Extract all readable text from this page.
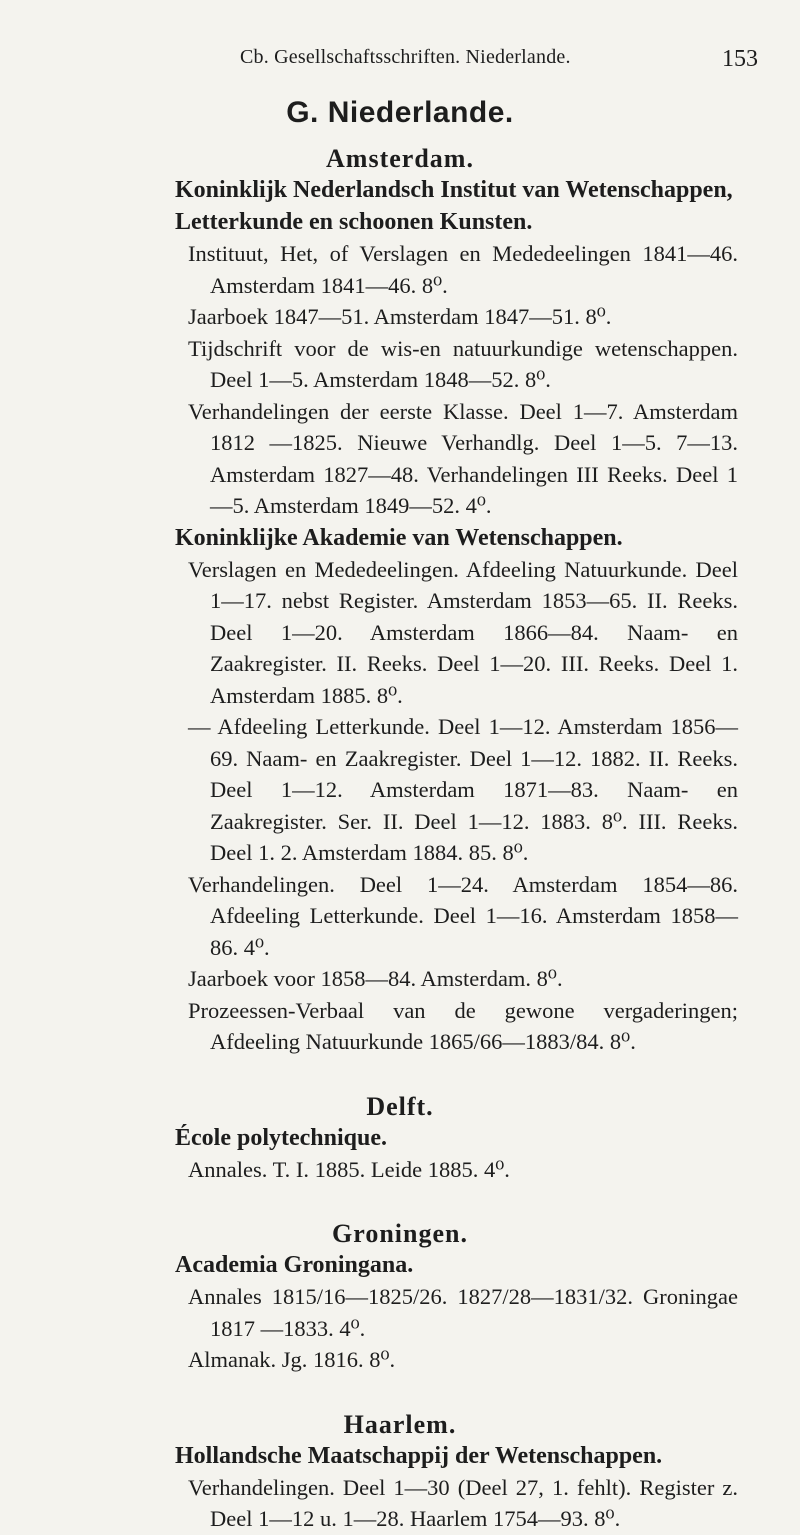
Cb. Gesellschaftsschriften. Niederlande.	153
G. Niederlande.
Amsterdam.

Koninklijk Nederlandsch Institut van Wetenschappen, Letterkunde en schoonen Kunsten.

Instituut, Het, of Verslagen en Mededeelingen 1841—46. Amsterdam 1841—46. 8⁰.

Jaarboek 1847—51. Amsterdam 1847—51. 8⁰.

Tijdschrift voor de wis-en natuurkundige wetenschappen. Deel 1—5. Amsterdam 1848—52. 8⁰.

Verhandelingen der eerste Klasse. Deel 1—7. Amsterdam 1812 —1825. Nieuwe Verhandlg. Deel 1—5. 7—13. Amsterdam 1827—48. Verhandelingen III Reeks. Deel 1—5. Amsterdam 1849—52. 4⁰.

Koninklijke Akademie van Wetenschappen.

Verslagen en Mededeelingen. Afdeeling Natuurkunde. Deel 1—17. nebst Register. Amsterdam 1853—65. II. Reeks. Deel 1—20. Amsterdam 1866—84. Naam- en Zaakregister. II. Reeks. Deel 1—20. III. Reeks. Deel 1. Amsterdam 1885. 8⁰.

— Afdeeling Letterkunde. Deel 1—12. Amsterdam 1856—69. Naam- en Zaakregister. Deel 1—12. 1882. II. Reeks. Deel 1—12. Amsterdam 1871—83. Naam- en Zaakregister. Ser. II. Deel 1—12. 1883. 8⁰. III. Reeks. Deel 1. 2. Amsterdam 1884. 85. 8⁰.

Verhandelingen. Deel 1—24. Amsterdam 1854—86. Afdeeling Letterkunde. Deel 1—16. Amsterdam 1858—86. 4⁰.

Jaarboek voor 1858—84. Amsterdam. 8⁰.

Prozeessen-Verbaal van de gewone vergaderingen; Afdeeling Natuurkunde 1865/66—1883/84. 8⁰.

Delft.

École polytechnique.

Annales. T. I. 1885. Leide 1885. 4⁰.

Groningen.

Academia Groningana.

Annales 1815/16—1825/26. 1827/28—1831/32. Groningae 1817 —1833. 4⁰.

Almanak. Jg. 1816. 8⁰.

Haarlem.

Hollandsche Maatschappij der Wetenschappen.

Verhandelingen. Deel 1—30 (Deel 27, 1. fehlt). Register z. Deel 1—12 u. 1—28. Haarlem 1754—93. 8⁰.
